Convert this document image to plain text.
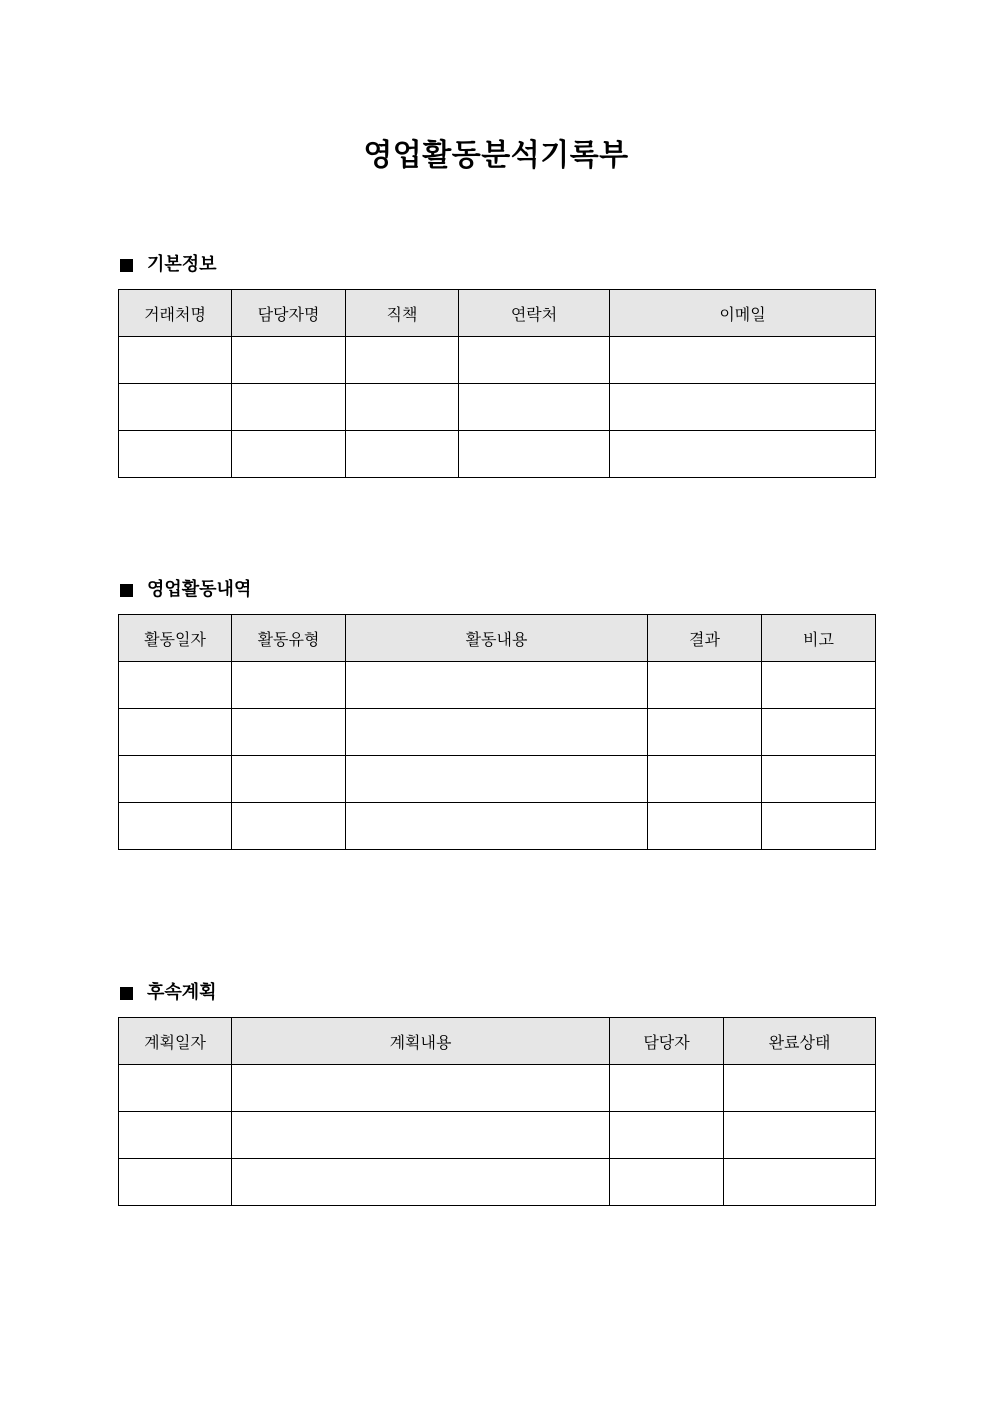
영업활동분석기록부
기본정보
거래처명	담당자명	직책	연락처	이메일

영업활동내역
활동일자	활동유형	활동내용	결과	비고

후속계획
계획일자	계획내용	담당자	완료상태
